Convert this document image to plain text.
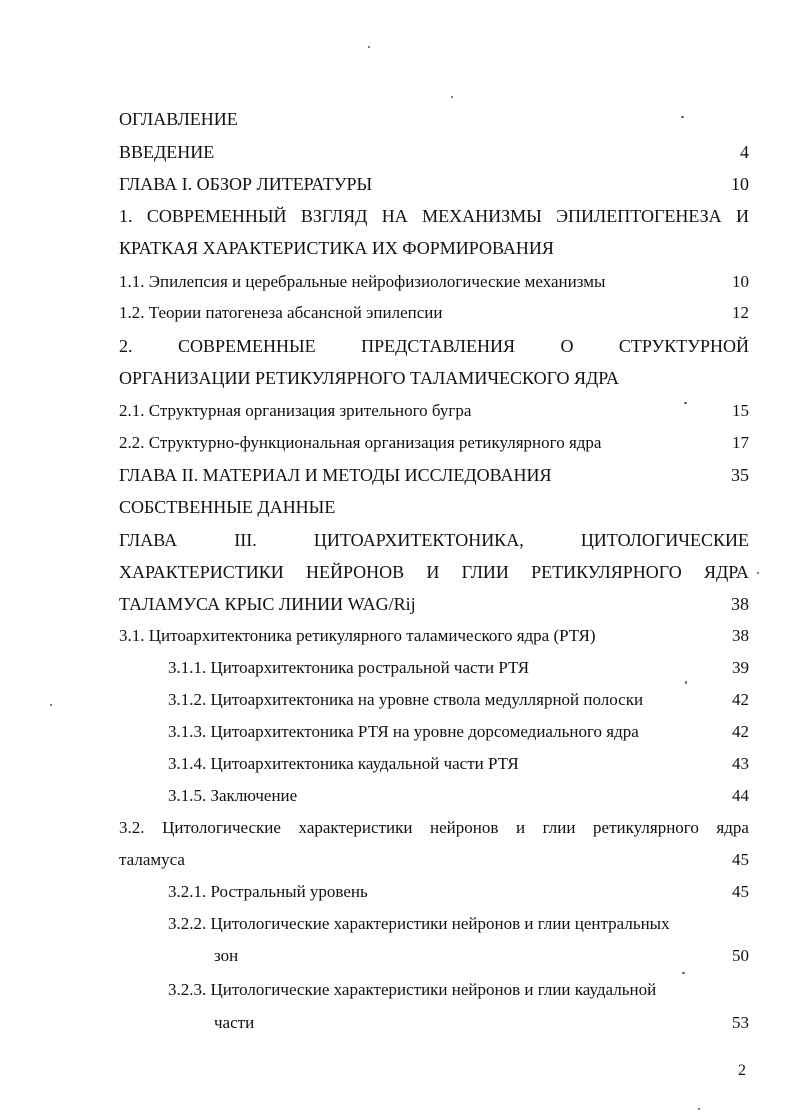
ОГЛАВЛЕНИЕ
ВВЕДЕНИЕ	4
ГЛАВА I. ОБЗОР ЛИТЕРАТУРЫ	10
1. СОВРЕМЕННЫЙ ВЗГЛЯД НА МЕХАНИЗМЫ ЭПИЛЕПТОГЕНЕЗА И
КРАТКАЯ ХАРАКТЕРИСТИКА ИХ ФОРМИРОВАНИЯ
1.1. Эпилепсия и церебральные нейрофизиологические механизмы	10
1.2. Теории патогенеза абсансной эпилепсии	12
2.	СОВРЕМЕННЫЕ	ПРЕДСТАВЛЕНИЯ	О	СТРУКТУРНОЙ
ОРГАНИЗАЦИИ РЕТИКУЛЯРНОГО ТАЛАМИЧЕСКОГО ЯДРА
2.1. Структурная организация зрительного бугра	15
2.2. Структурно-функциональная организация ретикулярного ядра	17
ГЛАВА II. МАТЕРИАЛ И МЕТОДЫ ИССЛЕДОВАНИЯ	35
СОБСТВЕННЫЕ ДАННЫЕ
ГЛАВА	III.	ЦИТОАРХИТЕКТОНИКА,	ЦИТОЛОГИЧЕСКИЕ
ХАРАКТЕРИСТИКИ НЕЙРОНОВ И ГЛИИ РЕТИКУЛЯРНОГО ЯДРА
ТАЛАМУСА КРЫС ЛИНИИ WAG/Rij	38
3.1. Цитоархитектоника ретикулярного таламического ядра (РТЯ)	38
3.1.1. Цитоархитектоника ростральной части РТЯ	39
3.1.2. Цитоархитектоника на уровне ствола медуллярной полоски	42
3.1.3. Цитоархитектоника РТЯ на уровне дорсомедиального ядра	42
3.1.4. Цитоархитектоника каудальной части РТЯ	43
3.1.5. Заключение	44
3.2. Цитологические характеристики нейронов и глии ретикулярного ядра
таламуса	45
3.2.1. Ростральный уровень	45
3.2.2. Цитологические характеристики нейронов и глии центральных
зон	50
3.2.3. Цитологические характеристики нейронов и глии каудальной
части	53
2
